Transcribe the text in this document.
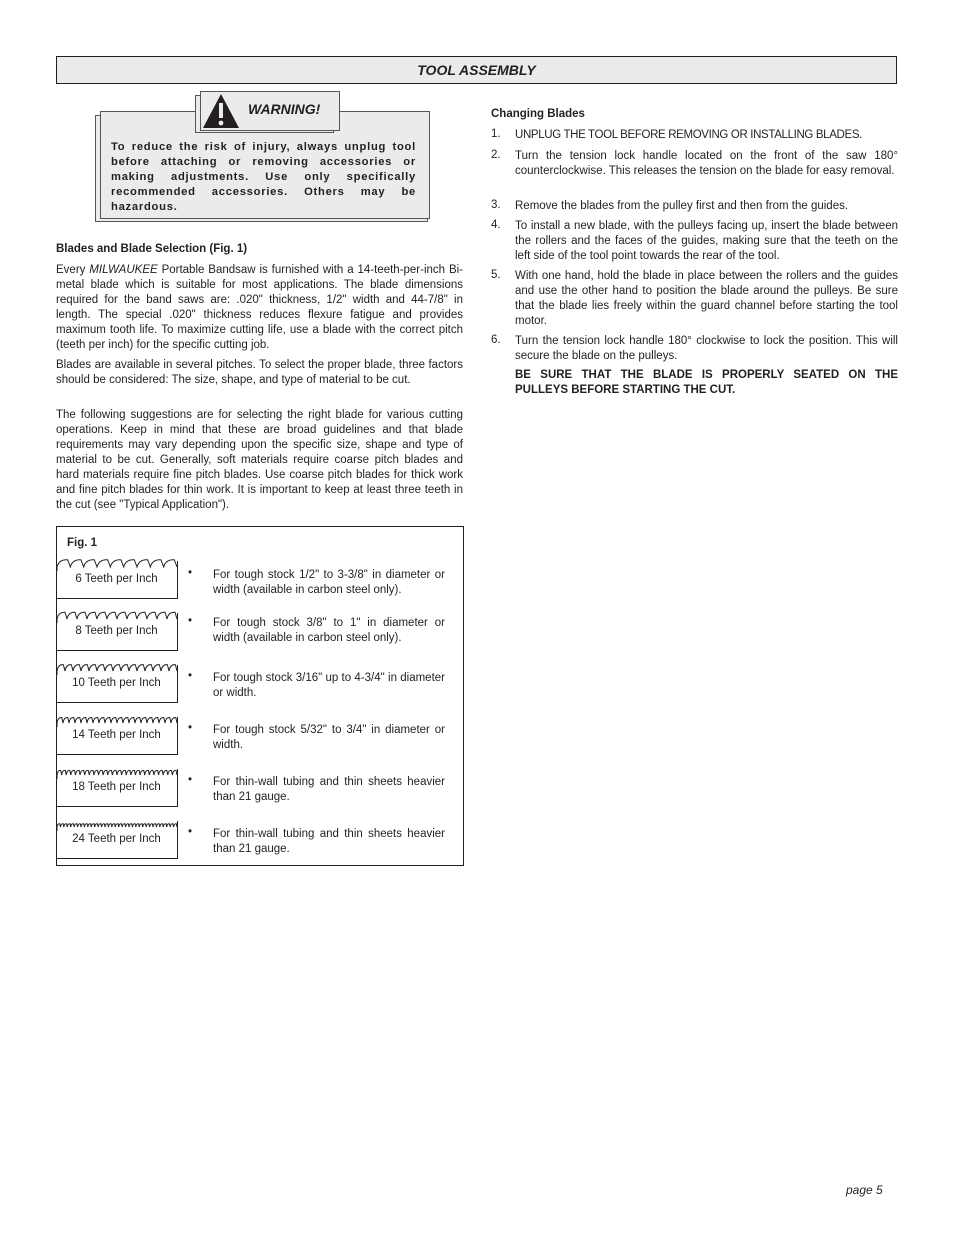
TOOL ASSEMBLY
To reduce the risk of injury, always unplug tool before attaching or removing accessories or making adjustments. Use only specifically recommended accessories. Others may be hazardous.
WARNING!
Blades and Blade Selection (Fig. 1)

Every MILWAUKEE Portable Bandsaw is furnished with a 14-teeth-per-inch Bi-metal blade which is suitable for most applications. The blade dimensions required for the band saws are: .020" thickness, 1/2" width and 44-7/8" in length. The special .020" thickness reduces flexure fatigue and provides maximum tooth life. To maximize cutting life, use a blade with the correct pitch (teeth per inch) for the specific cutting job.

Blades are available in several pitches. To select the proper blade, three factors should be considered: The size, shape, and type of material to be cut.

The following suggestions are for selecting the right blade for various cutting operations. Keep in mind that these are broad guidelines and that blade requirements may vary depending upon the specific size, shape and type of material to be cut. Generally, soft materials require coarse pitch blades and hard materials require fine pitch blades. Use coarse pitch blades for thick work and fine pitch blades for thin work. It is important to keep at least three teeth in the cut (see "Typical Application").

Fig. 1
6 Teeth per Inch	• For tough stock 1/2" to 3-3/8" in diameter or width (available in carbon steel only).
8 Teeth per Inch
• For tough stock 3/8" to 1" in diameter or width (available in carbon steel only).
10 Teeth per Inch
• For tough stock 3/16" up to 4-3/4" in diameter or width.
14 Teeth per Inch
• For tough stock 5/32" to 3/4" in diameter or width.
18 Teeth per Inch
• For thin-wall tubing and thin sheets heavier than 21 gauge.
24 Teeth per Inch
• For thin-wall tubing and thin sheets heavier than 21 gauge.
Changing Blades
1. UNPLUG THE TOOL BEFORE REMOVING OR INSTALLING BLADES.
2. Turn the tension lock handle located on the front of the saw 180° counterclockwise. This releases the tension on the blade for easy removal.
3. Remove the blades from the pulley first and then from the guides.
4. To install a new blade, with the pulleys facing up, insert the blade between the rollers and the faces of the guides, making sure that the teeth on the left side of the tool point towards the rear of the tool.
5. With one hand, hold the blade in place between the rollers and the guides and use the other hand to position the blade around the pulleys. Be sure that the blade lies freely within the guard channel before starting the tool motor.
6. Turn the tension lock handle 180° clockwise to lock the position. This will secure the blade on the pulleys.
BE SURE THAT THE BLADE IS PROPERLY SEATED ON THE PULLEYS BEFORE STARTING THE CUT.
page 5
